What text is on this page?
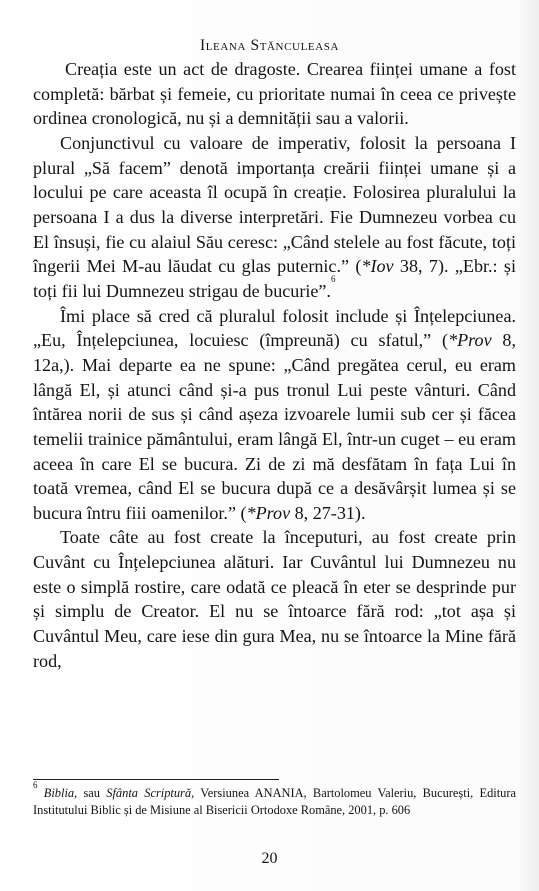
Ileana Stănculeasa

Creația este un act de dragoste. Crearea ființei umane a fost completă: bărbat și femeie, cu prioritate numai în ceea ce privește ordinea cronologică, nu și a demnității sau a valorii.

Conjunctivul cu valoare de imperativ, folosit la persoana I plural „Să facem” denotă importanța creării ființei umane și a locului pe care aceasta îl ocupă în creație. Folosirea pluralului la persoana I a dus la diverse interpretări. Fie Dumnezeu vorbea cu El însuși, fie cu alaiul Său ceresc: „Când stelele au fost făcute, toți îngerii Mei M-au lăudat cu glas puternic.” (*Iov 38, 7). „Ebr.: și toți fii lui Dumnezeu strigau de bucurie”.$^6$

Îmi place să cred că pluralul folosit include și Înțelepciunea. „Eu, Înțelepciunea, locuiesc (împreună) cu sfatul,” (*Prov 8, 12a,). Mai departe ea ne spune: „Când pregătea cerul, eu eram lângă El, și atunci când și-a pus tronul Lui peste vânturi. Când întărea norii de sus și când așeza izvoarele lumii sub cer și făcea temelii trainice pământului, eram lângă El, într-un cuget – eu eram aceea în care El se bucura. Zi de zi mă desfătam în fața Lui în toată vremea, când El se bucura după ce a desăvârșit lumea și se bucura întru fiii oamenilor.” (*Prov 8, 27-31).

Toate câte au fost create la începuturi, au fost create prin Cuvânt cu Înțelepciunea alături. Iar Cuvântul lui Dumnezeu nu este o simplă rostire, care odată ce pleacă în eter se desprinde pur și simplu de Creator. El nu se întoarce fără rod: „tot așa și Cuvântul Meu, care iese din gura Mea, nu se întoarce la Mine fără rod,

$^6$ Biblia, sau Sfânta Scriptură, Versiunea ANANIA, Bartolomeu Valeriu, București, Editura Institutului Biblic și de Misiune al Bisericii Ortodoxe Române, 2001, p. 606
20
